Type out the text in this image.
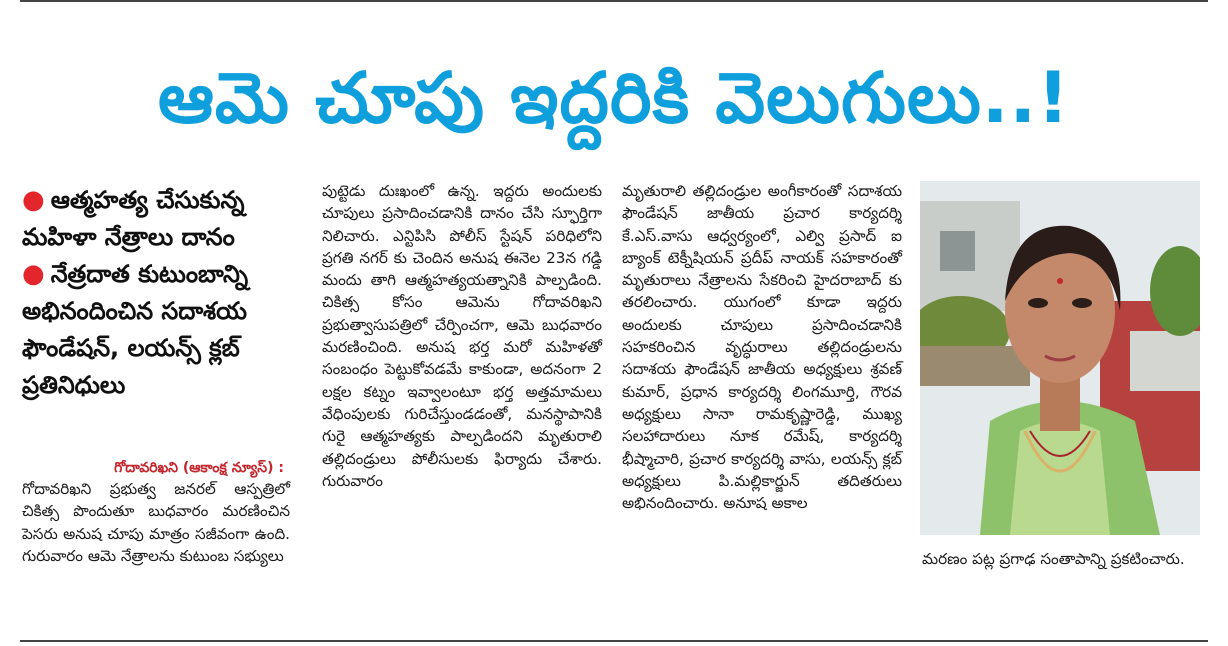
ఆమె చూపు ఇద్దరికి వెలుగులు..!

● ఆత్మహత్య చేసుకున్న మహిళా నేత్రాలు దానం

● నేత్రదాత కుటుంబాన్ని అభినందించిన సదాశయ ఫౌండేషన్, లయన్స్ క్లబ్ ప్రతినిధులు

గోదావరిఖని (ఆకాంక్ష న్యూస్) :

గోదావరిఖని ప్రభుత్వ జనరల్ ఆస్పత్రిలో చికిత్స పొందుతూ బుధవారం మరణించిన పెసరు అనుష చూపు మాత్రం సజీవంగా ఉంది. గురువారం ఆమె నేత్రాలను కుటుంబ సభ్యులు

పుట్టెడు దుఃఖంలో ఉన్న. ఇద్దరు అందులకు చూపులు ప్రసాదించడానికి దానం చేసి స్ఫూర్తిగా నిలిచారు. ఎన్టిపిసి పోలీస్ స్టేషన్ పరిధిలోని ప్రగతి నగర్ కు చెందిన అనుష ఈనెల 23న గడ్డి మందు తాగి ఆత్మహత్యయత్నానికి పాల్పడింది. చికిత్స కోసం ఆమెను గోదావరిఖని ప్రభుత్వాసుపత్రిలో చేర్పించగా, ఆమె బుధవారం మరణించింది. అనుష భర్త మరో మహిళతో సంబంధం పెట్టుకోవడమే కాకుండా, అదనంగా 2 లక్షల కట్నం ఇవ్వాలంటూ భర్త అత్తమామలు వేధింపులకు గురిచేస్తుండడంతో, మనస్థాపానికి గురై ఆత్మహత్యకు పాల్పడిందని మృతురాలి తల్లిదండ్రులు పోలీసులకు ఫిర్యాదు చేశారు. గురువారం

మృతురాలి తల్లిదండ్రుల అంగీకారంతో సదాశయ ఫౌండేషన్ జాతీయ ప్రచార కార్యదర్శి కే.ఎస్.వాసు ఆధ్వర్యంలో, ఎల్వి ప్రసాద్ ఐ బ్యాంక్ టెక్నీషియన్ ప్రదీప్ నాయక్ సహకారంతో మృతురాలు నేత్రాలను సేకరించి హైదరాబాద్ కు తరలించారు. యుగంలో కూడా ఇద్దరు అందులకు చూపులు ప్రసాదించడానికి సహకరించిన వృద్ధురాలు తల్లిదండ్రులను సదాశయ ఫౌండేషన్ జాతీయ అధ్యక్షులు శ్రవణ్ కుమార్, ప్రధాన కార్యదర్శి లింగమూర్తి, గౌరవ అధ్యక్షులు సానా రామకృష్ణారెడ్డి, ముఖ్య సలహాదారులు నూక రమేష్, కార్యదర్శి భీష్మాచారి, ప్రచార కార్యదర్శి వాసు, లయన్స్ క్లబ్ అధ్యక్షులు పి.మల్లికార్జున్ తదితరులు అభినందించారు. అనూష అకాల

మరణం పట్ల ప్రగాఢ సంతాపాన్ని ప్రకటించారు.
